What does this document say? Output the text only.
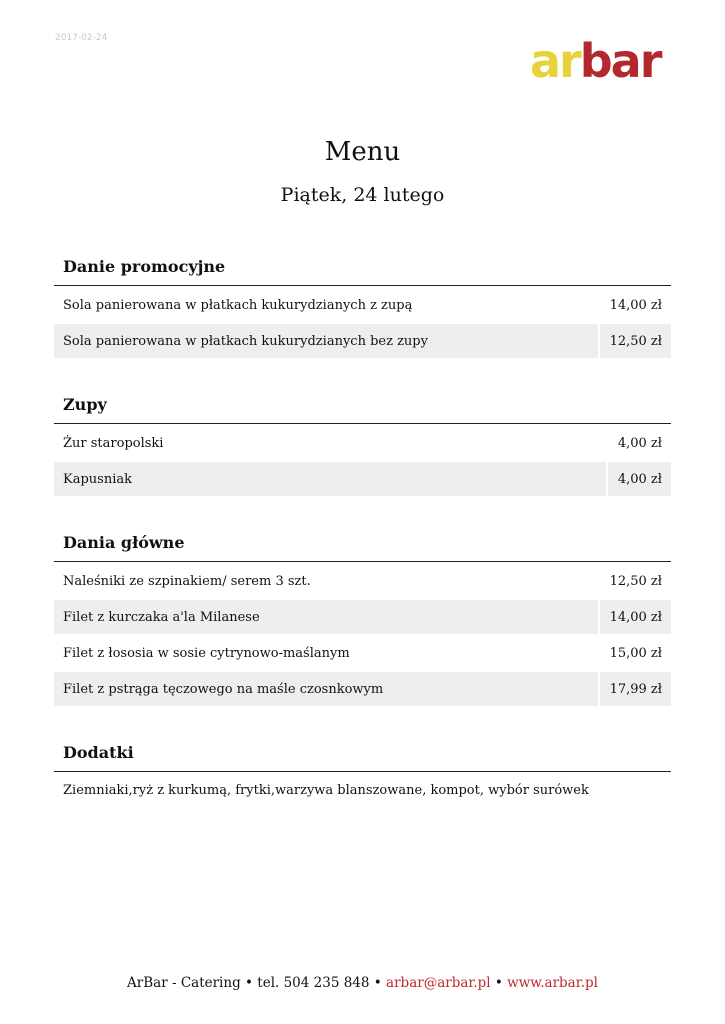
2017-02-24	arbar
Menu
Piątek, 24 lutego
Danie promocyjne
Sola panierowana w płatkach kukurydzianych z zupą	14,00 zł
Sola panierowana w płatkach kukurydzianych bez zupy	12,50 zł
Zupy
Żur staropolski	4,00 zł
Kapusniak	4,00 zł
Dania główne
Naleśniki ze szpinakiem/ serem 3 szt.	12,50 zł
Filet z kurczaka a'la Milanese	14,00 zł
Filet z łososia w sosie cytrynowo-maślanym	15,00 zł
Filet z pstrąga tęczowego na maśle czosnkowym	17,99 zł
Dodatki
Ziemniaki,ryż z kurkumą, frytki,warzywa blanszowane, kompot, wybór surówek
ArBar - Catering • tel. 504 235 848 • arbar@arbar.pl • www.arbar.pl
